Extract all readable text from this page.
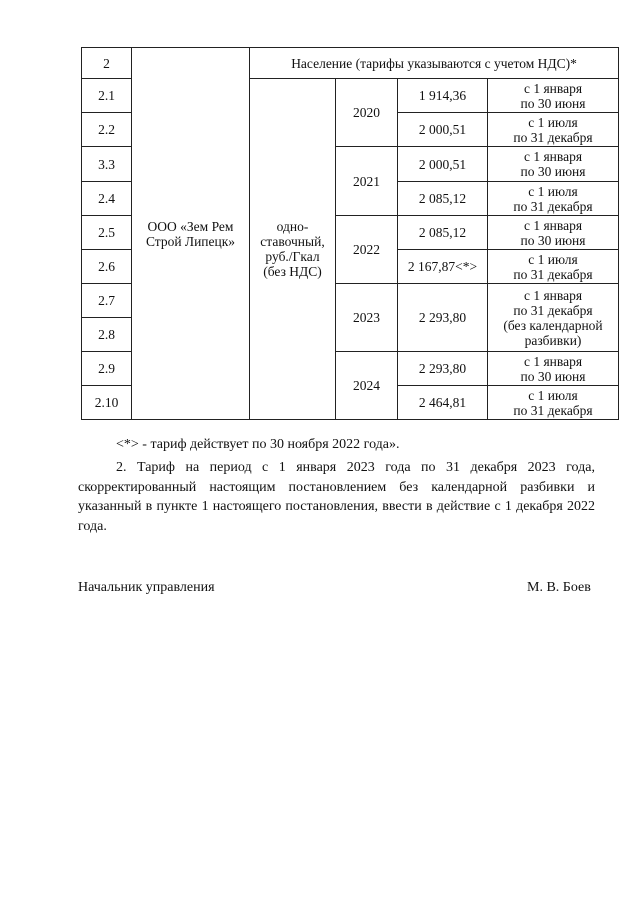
2	ООО «Зем Рем
Строй Липецк»	Население (тарифы указываются с учетом НДС)*			
2.1		одно-
ставочный,
руб./Гкал
(без НДС)	2020	1 914,36	с 1 января
по 30 июня
2.2				2 000,51	с 1 июля
по 31 декабря
3.3			2021	2 000,51	с 1 января
по 30 июня
2.4				2 085,12	с 1 июля
по 31 декабря
2.5			2022	2 085,12	с 1 января
по 30 июня
2.6				2 167,87<*>	с 1 июля
по 31 декабря
2.7			2023	2 293,80	с 1 января
по 31 декабря
(без календарной
разбивки)
2.8					
2.9			2024	2 293,80	с 1 января
по 30 июня
2.10				2 464,81	с 1 июля
по 31 декабря
<*> - тариф действует по 30 ноября 2022 года».

2. Тариф на период с 1 января 2023 года по 31 декабря 2023 года, скорректированный настоящим постановлением без календарной разбивки и указанный в пункте 1 настоящего постановления, ввести в действие с 1 декабря 2022 года.

Начальник управления	М. В. Боев
